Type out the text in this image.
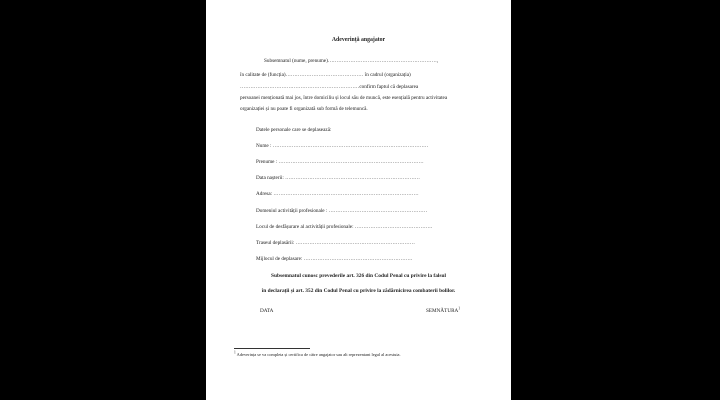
Adeverință angajator
Subsemnatul (nume, prenume)………………………………………………………,
în calitate de (funcția)……………………………………… în cadrul (organizația)
……………………………………………………………confirm faptul că deplasarea
persoanei menționată mai jos, între domiciliu și locul său de muncă, este esențială pentru activitatea
organizației și nu poate fi organizată sub formă de telemuncă.
Datele personale care se deplasează:
Nume : ………………………………………………………………………………
Prenume : …………………………………………………………………………
Data nașterii: ……………………………………………………………………
Adresa: …………………………………………………………………………
Domeniul activității profesionale : …………………………………………………
Locul de desfășurare al activității profesionale: ………………………………………
Traseul deplasării: ……………………………………………………………
Mijlocul de deplasare: ………………………………………………………
Subsemnatul cunosc prevederile art. 326 din Codul Penal cu privire la falsul
în declarații și art. 352 din Codul Penal cu privire la zădărnicirea combaterii bolilor.
DATA	SEMNĂTURA$^1$
$^1$ Adeverința se va completa și certifica de către angajator sau alt reprezentant legal al acestuia.
